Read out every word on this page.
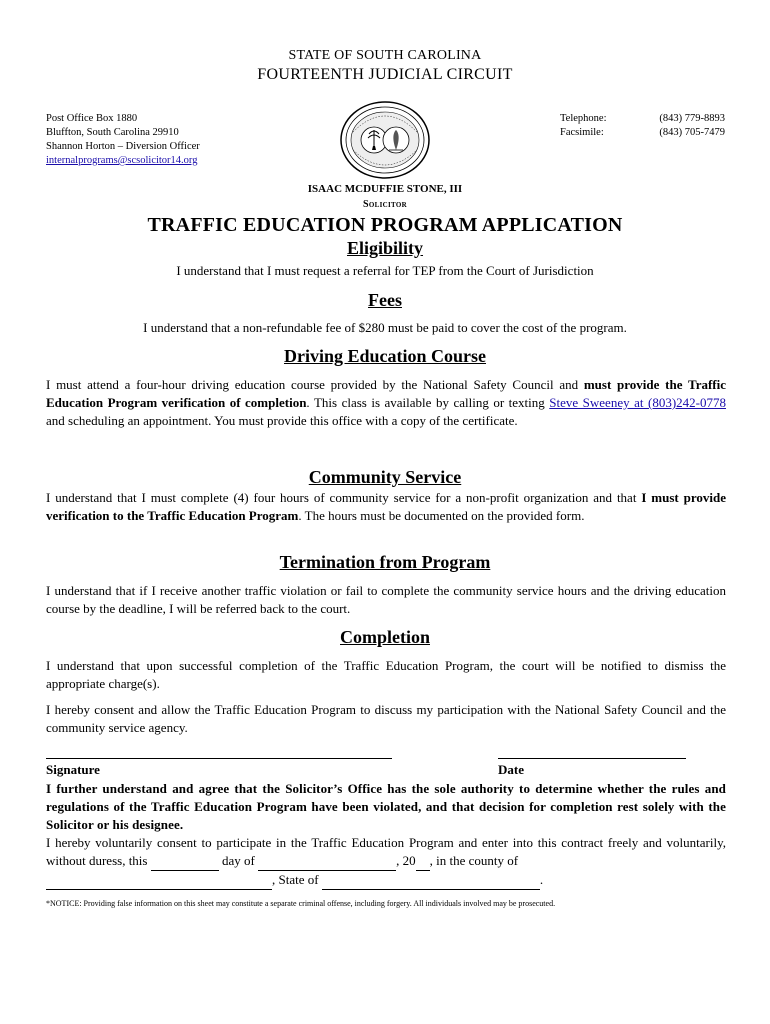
STATE OF SOUTH CAROLINA
FOURTEENTH JUDICIAL CIRCUIT
Post Office Box 1880
Bluffton, South Carolina 29910
Shannon Horton – Diversion Officer
internalprograms@scsolicitor14.org
Telephone:	(843) 779-8893
Facsimile:	(843) 705-7479
ISAAC MCDUFFIE STONE, III
Solicitor
TRAFFIC EDUCATION PROGRAM APPLICATION
Eligibility
I understand that I must request a referral for TEP from the Court of Jurisdiction
Fees
I understand that a non-refundable fee of $280 must be paid to cover the cost of the program.
Driving Education Course
I must attend a four-hour driving education course provided by the National Safety Council and must provide the Traffic Education Program verification of completion. This class is available by calling or texting Steve Sweeney at (803)242-0778 and scheduling an appointment. You must provide this office with a copy of the certificate.
Community Service
I understand that I must complete (4) four hours of community service for a non-profit organization and that I must provide verification to the Traffic Education Program. The hours must be documented on the provided form.
Termination from Program
I understand that if I receive another traffic violation or fail to complete the community service hours and the driving education course by the deadline, I will be referred back to the court.
Completion
I understand that upon successful completion of the Traffic Education Program, the court will be notified to dismiss the appropriate charge(s).
I hereby consent and allow the Traffic Education Program to discuss my participation with the National Safety Council and the community service agency.
Signature	Date
I further understand and agree that the Solicitor’s Office has the sole authority to determine whether the rules and regulations of the Traffic Education Program have been violated, and that decision for completion rest solely with the Solicitor or his designee.
I hereby voluntarily consent to participate in the Traffic Education Program and enter into this contract freely and voluntarily, without duress, this	day of	, 20 , in the county of
, State of	.
*NOTICE: Providing false information on this sheet may constitute a separate criminal offense, including forgery. All individuals involved may be prosecuted.
